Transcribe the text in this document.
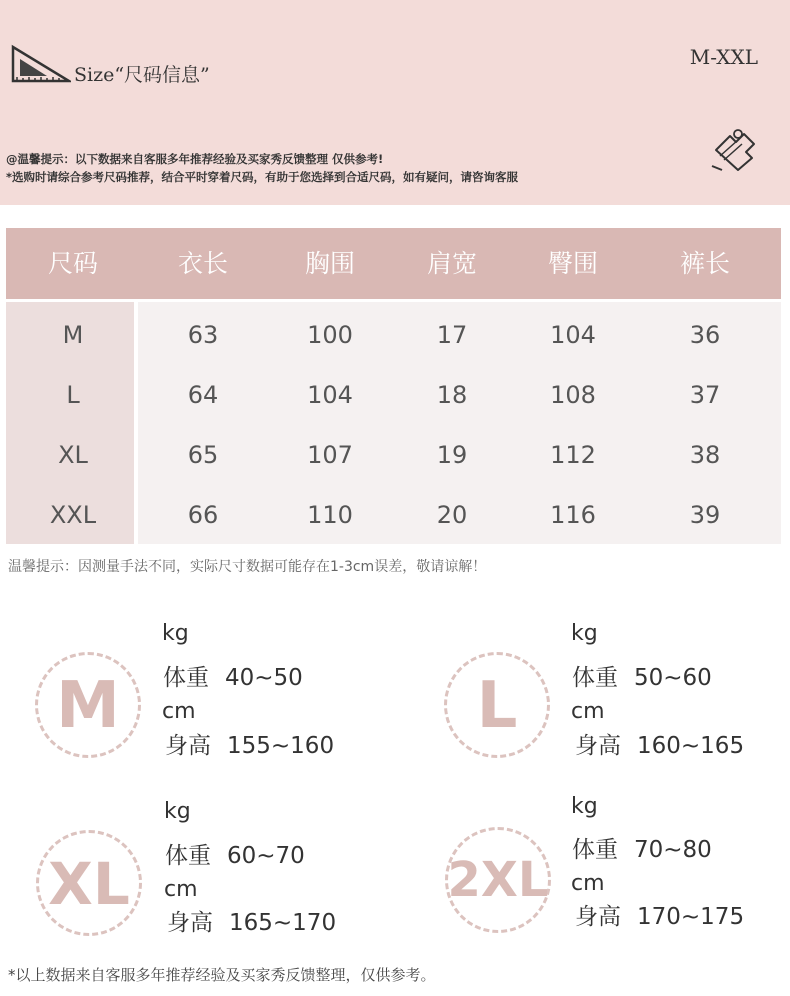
Size“尺码信息”
M-XXL
@温馨提示：以下数据来自客服多年推荐经验及买家秀反馈整理 仅供参考!
*选购时请综合参考尺码推荐，结合平时穿着尺码，有助于您选择到合适尺码，如有疑问，请咨询客服
尺码	衣长	胸围	肩宽	臀围	裤长
M	63	100	17	104	36
L	64	104	18	108	37
XL	65	107	19	112	38
XXL	66	110	20	116	39
温馨提示：因测量手法不同，实际尺寸数据可能存在1-3cm误差，敬请谅解！
M
kg
体重 40~50
cm
身高 155~160
L
kg
体重 50~60
cm
身高 160~165
XL
kg
体重 60~70
cm
身高 165~170
2XL
kg
体重 70~80
cm
身高 170~175
*以上数据来自客服多年推荐经验及买家秀反馈整理，仅供参考。
